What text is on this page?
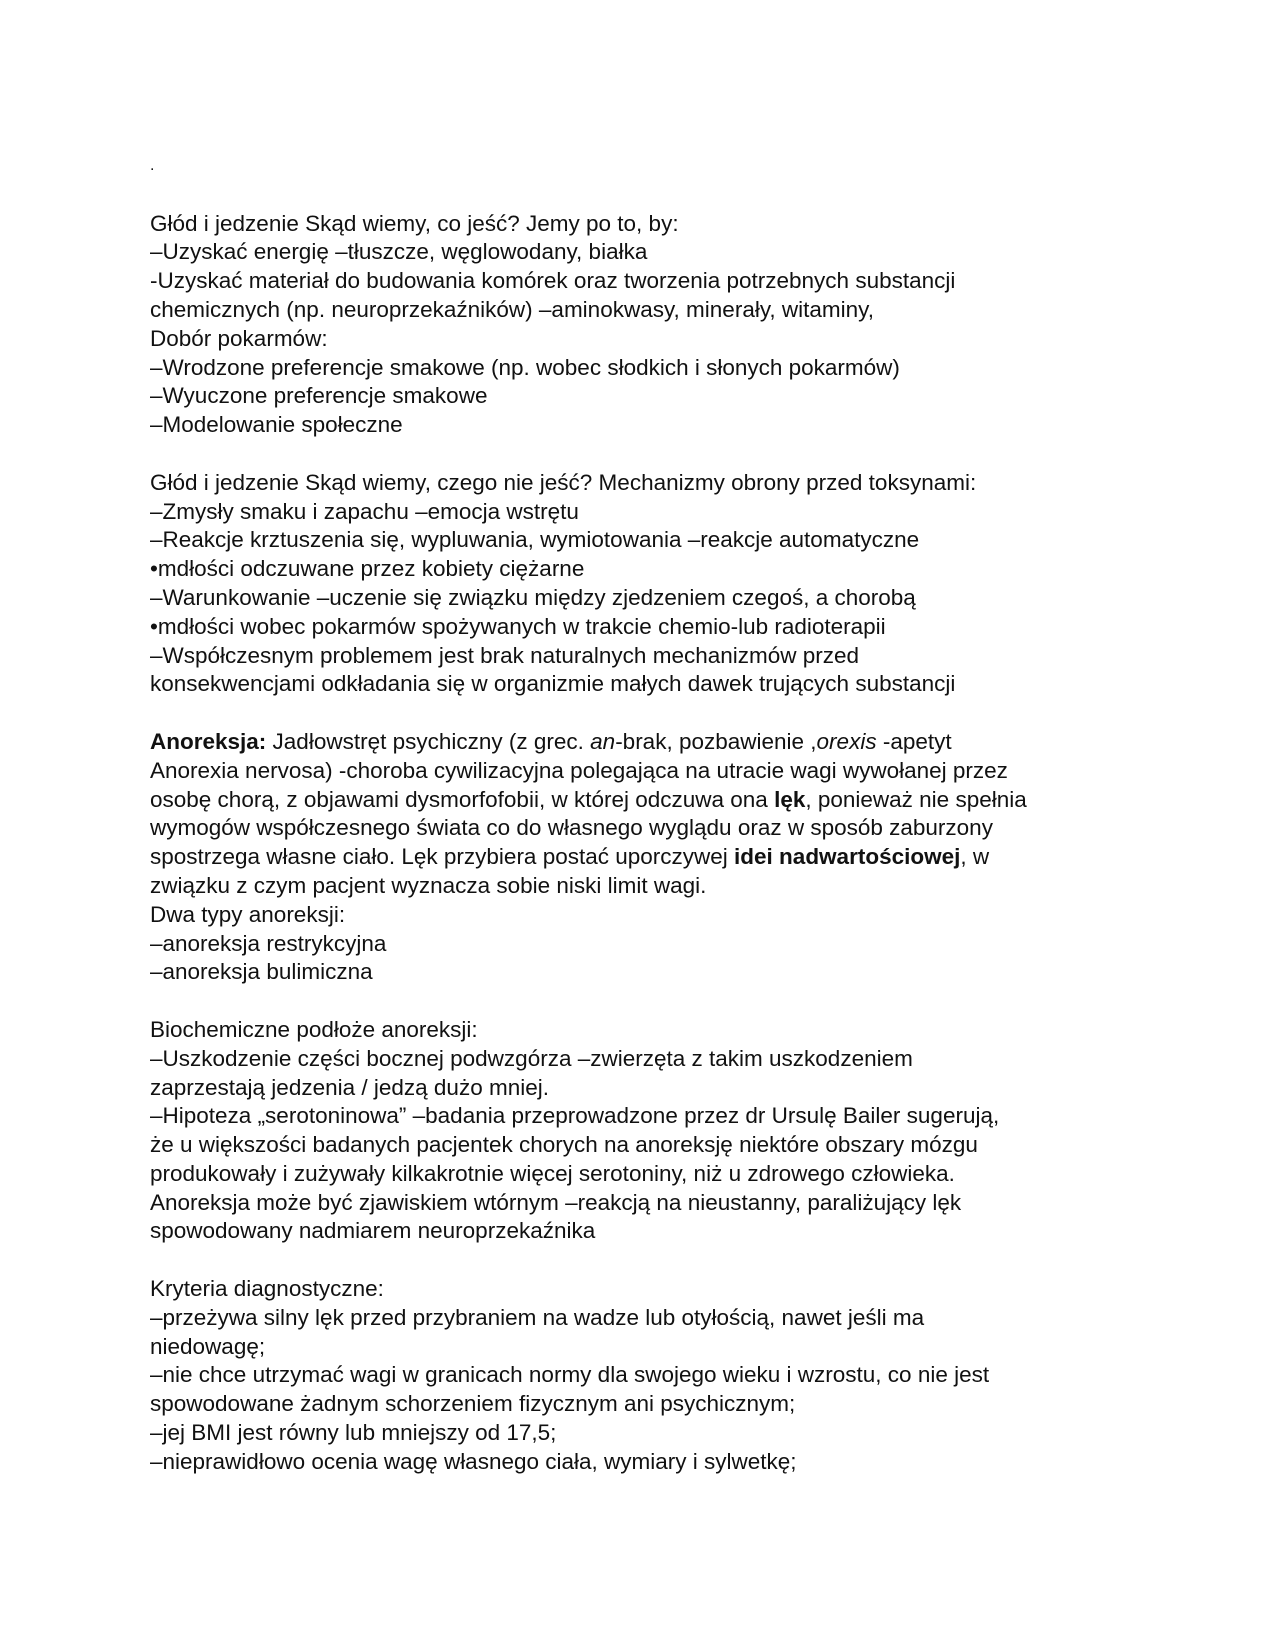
.
Głód i jedzenie Skąd wiemy, co jeść? Jemy po to, by:
–Uzyskać energię –tłuszcze, węglowodany, białka
-Uzyskać materiał do budowania komórek oraz tworzenia potrzebnych substancji
chemicznych (np. neuroprzekaźników) –aminokwasy, minerały, witaminy,
Dobór pokarmów:
–Wrodzone preferencje smakowe (np. wobec słodkich i słonych pokarmów)
–Wyuczone preferencje smakowe
–Modelowanie społeczne
Głód i jedzenie Skąd wiemy, czego nie jeść? Mechanizmy obrony przed toksynami:
–Zmysły smaku i zapachu –emocja wstrętu
–Reakcje krztuszenia się, wypluwania, wymiotowania –reakcje automatyczne
•mdłości odczuwane przez kobiety ciężarne
–Warunkowanie –uczenie się związku między zjedzeniem czegoś, a chorobą
•mdłości wobec pokarmów spożywanych w trakcie chemio-lub radioterapii
–Współczesnym problemem jest brak naturalnych mechanizmów przed
konsekwencjami odkładania się w organizmie małych dawek trujących substancji
Anoreksja: Jadłowstręt psychiczny (z grec. an-brak, pozbawienie ,orexis -apetyt
Anorexia nervosa) -choroba cywilizacyjna polegająca na utracie wagi wywołanej przez
osobę chorą, z objawami dysmorfofobii, w której odczuwa ona lęk, ponieważ nie spełnia
wymogów współczesnego świata co do własnego wyglądu oraz w sposób zaburzony
spostrzega własne ciało. Lęk przybiera postać uporczywej idei nadwartościowej, w
związku z czym pacjent wyznacza sobie niski limit wagi.
Dwa typy anoreksji:
–anoreksja restrykcyjna
–anoreksja bulimiczna
Biochemiczne podłoże anoreksji:
–Uszkodzenie części bocznej podwzgórza –zwierzęta z takim uszkodzeniem
zaprzestają jedzenia / jedzą dużo mniej.
–Hipoteza „serotoninowa” –badania przeprowadzone przez dr Ursulę Bailer sugerują,
że u większości badanych pacjentek chorych na anoreksję niektóre obszary mózgu
produkowały i zużywały kilkakrotnie więcej serotoniny, niż u zdrowego człowieka.
Anoreksja może być zjawiskiem wtórnym –reakcją na nieustanny, paraliżujący lęk
spowodowany nadmiarem neuroprzekaźnika
Kryteria diagnostyczne:
–przeżywa silny lęk przed przybraniem na wadze lub otyłością, nawet jeśli ma
niedowagę;
–nie chce utrzymać wagi w granicach normy dla swojego wieku i wzrostu, co nie jest
spowodowane żadnym schorzeniem fizycznym ani psychicznym;
–jej BMI jest równy lub mniejszy od 17,5;
–nieprawidłowo ocenia wagę własnego ciała, wymiary i sylwetkę;
